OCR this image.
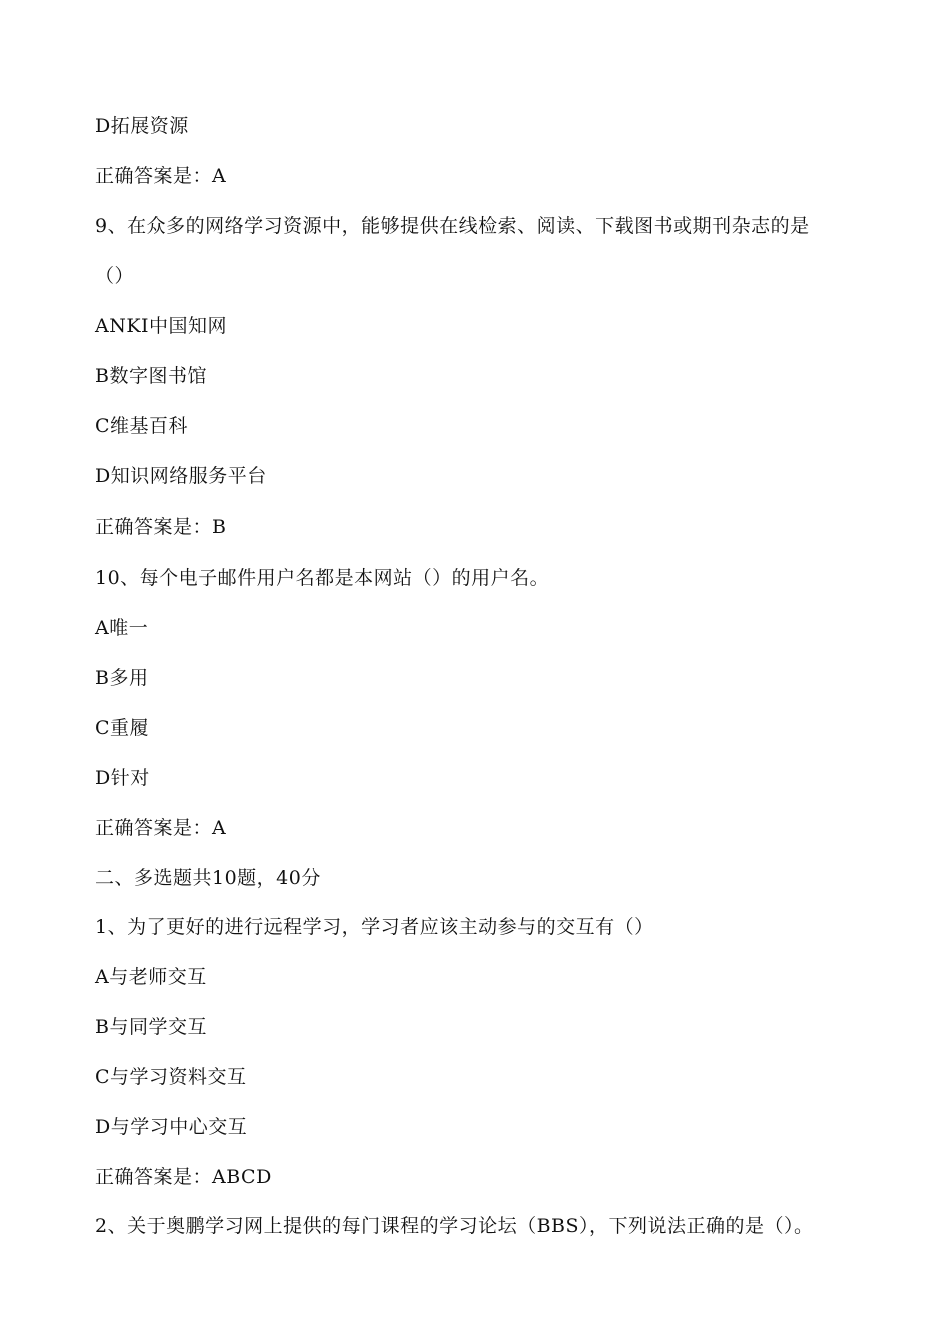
D拓展资源
正确答案是：A
9、在众多的网络学习资源中，能够提供在线检索、阅读、下载图书或期刊杂志的是
（）
ANKI中国知网
B数字图书馆
C维基百科
D知识网络服务平台
正确答案是：B
10、每个电子邮件用户名都是本网站（）的用户名。
A唯一
B多用
C重履
D针对
正确答案是：A
二、多选题共10题，40分
1、为了更好的进行远程学习，学习者应该主动参与的交互有（）
A与老师交互
B与同学交互
C与学习资料交互
D与学习中心交互
正确答案是：ABCD
2、关于奥鹏学习网上提供的每门课程的学习论坛（BBS），下列说法正确的是（）。
